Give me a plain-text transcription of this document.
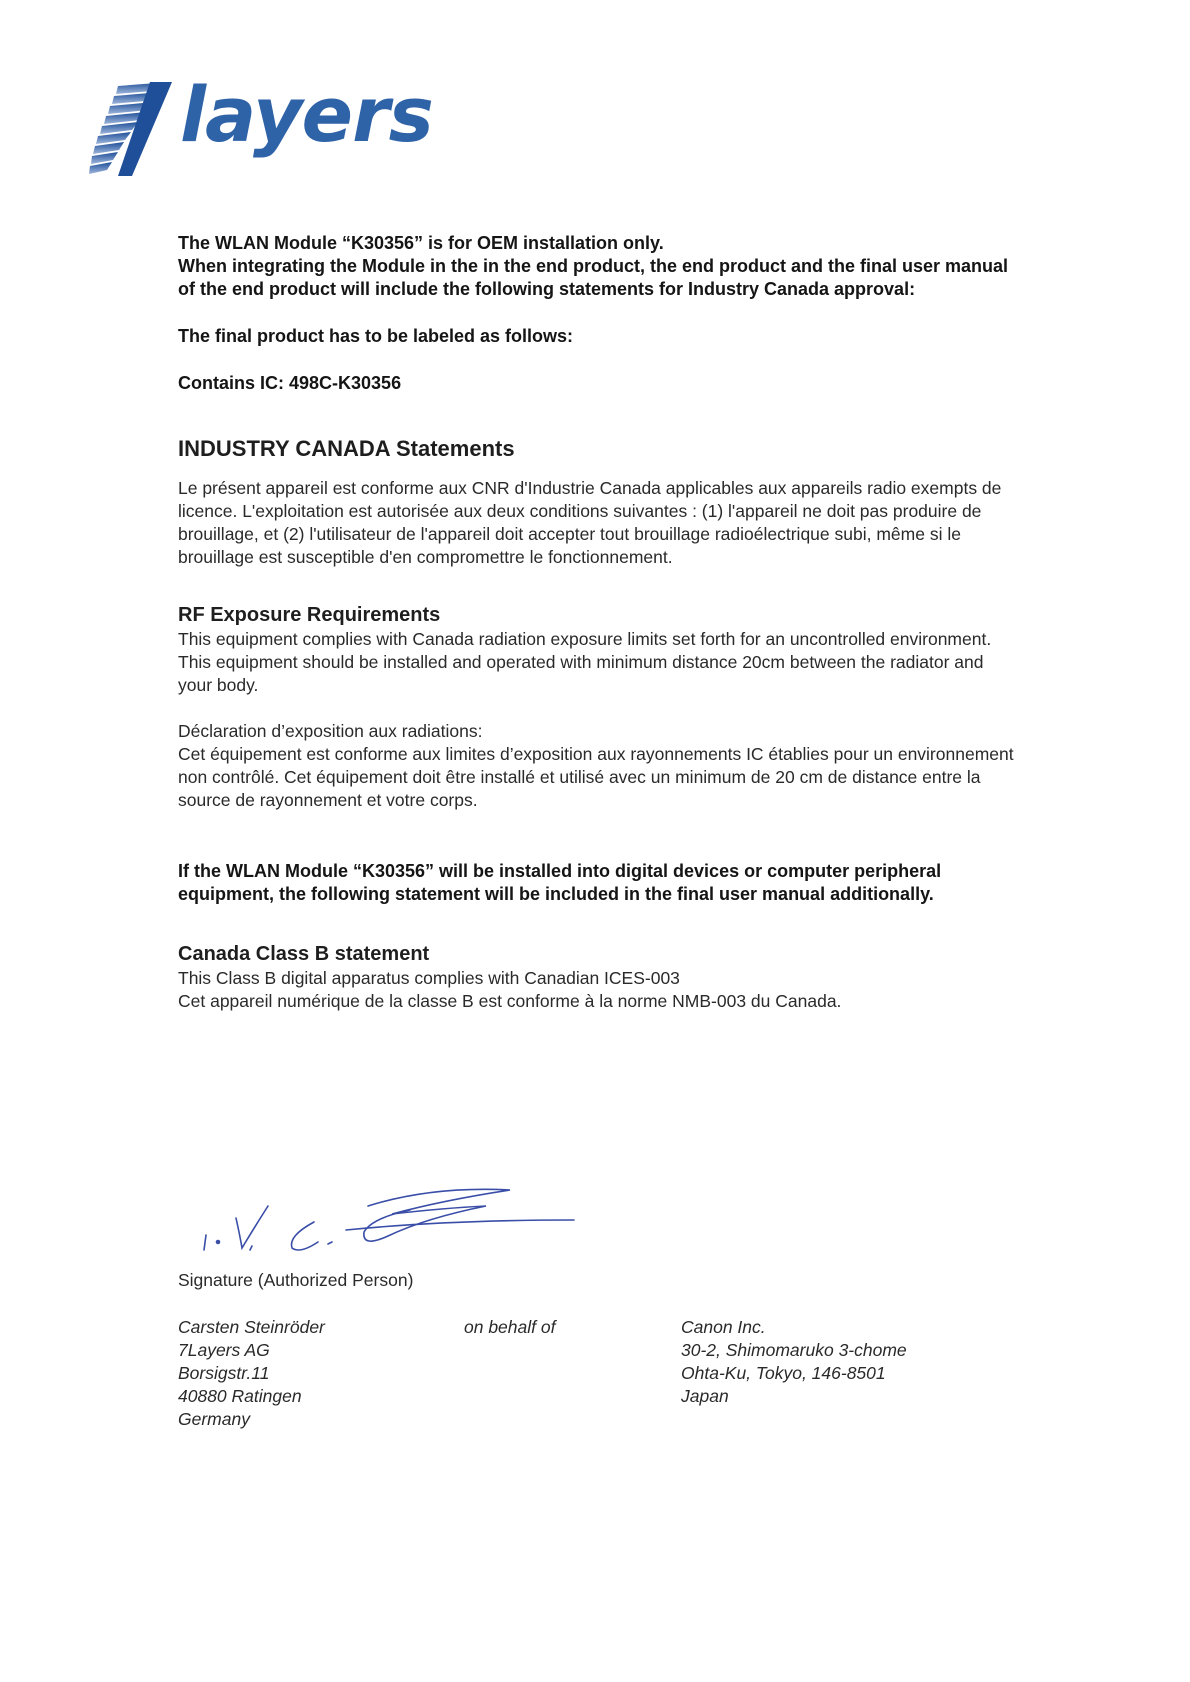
layers

The WLAN Module “K30356” is for OEM installation only.

When integrating the Module in the in the end product, the end product and the final user manual of the end product will include the following statements for Industry Canada approval:

The final product has to be labeled as follows:

Contains IC: 498C-K30356

INDUSTRY CANADA Statements

Le présent appareil est conforme aux CNR d'Industrie Canada applicables aux appareils radio exempts de licence. L'exploitation est autorisée aux deux conditions suivantes : (1) l'appareil ne doit pas produire de brouillage, et (2) l'utilisateur de l'appareil doit accepter tout brouillage radioélectrique subi, même si le brouillage est susceptible d'en compromettre le fonctionnement.

RF Exposure Requirements

This equipment complies with Canada radiation exposure limits set forth for an uncontrolled environment. This equipment should be installed and operated with minimum distance 20cm between the radiator and your body.

Déclaration d’exposition aux radiations:

Cet équipement est conforme aux limites d’exposition aux rayonnements IC établies pour un environnement non contrôlé. Cet équipement doit être installé et utilisé avec un minimum de 20 cm de distance entre la source de rayonnement et votre corps.

If the WLAN Module “K30356” will be installed into digital devices or computer peripheral equipment, the following statement will be included in the final user manual additionally.

Canada Class B statement

This Class B digital apparatus complies with Canadian ICES-003

Cet appareil numérique de la classe B est conforme à la norme NMB-003 du Canada.

Signature (Authorized Person)
Carsten Steinröder
7Layers AG
Borsigstr.11
40880 Ratingen
Germany
on behalf of	Canon Inc.
30-2, Shimomaruko 3-chome
Ohta-Ku, Tokyo, 146-8501
Japan
